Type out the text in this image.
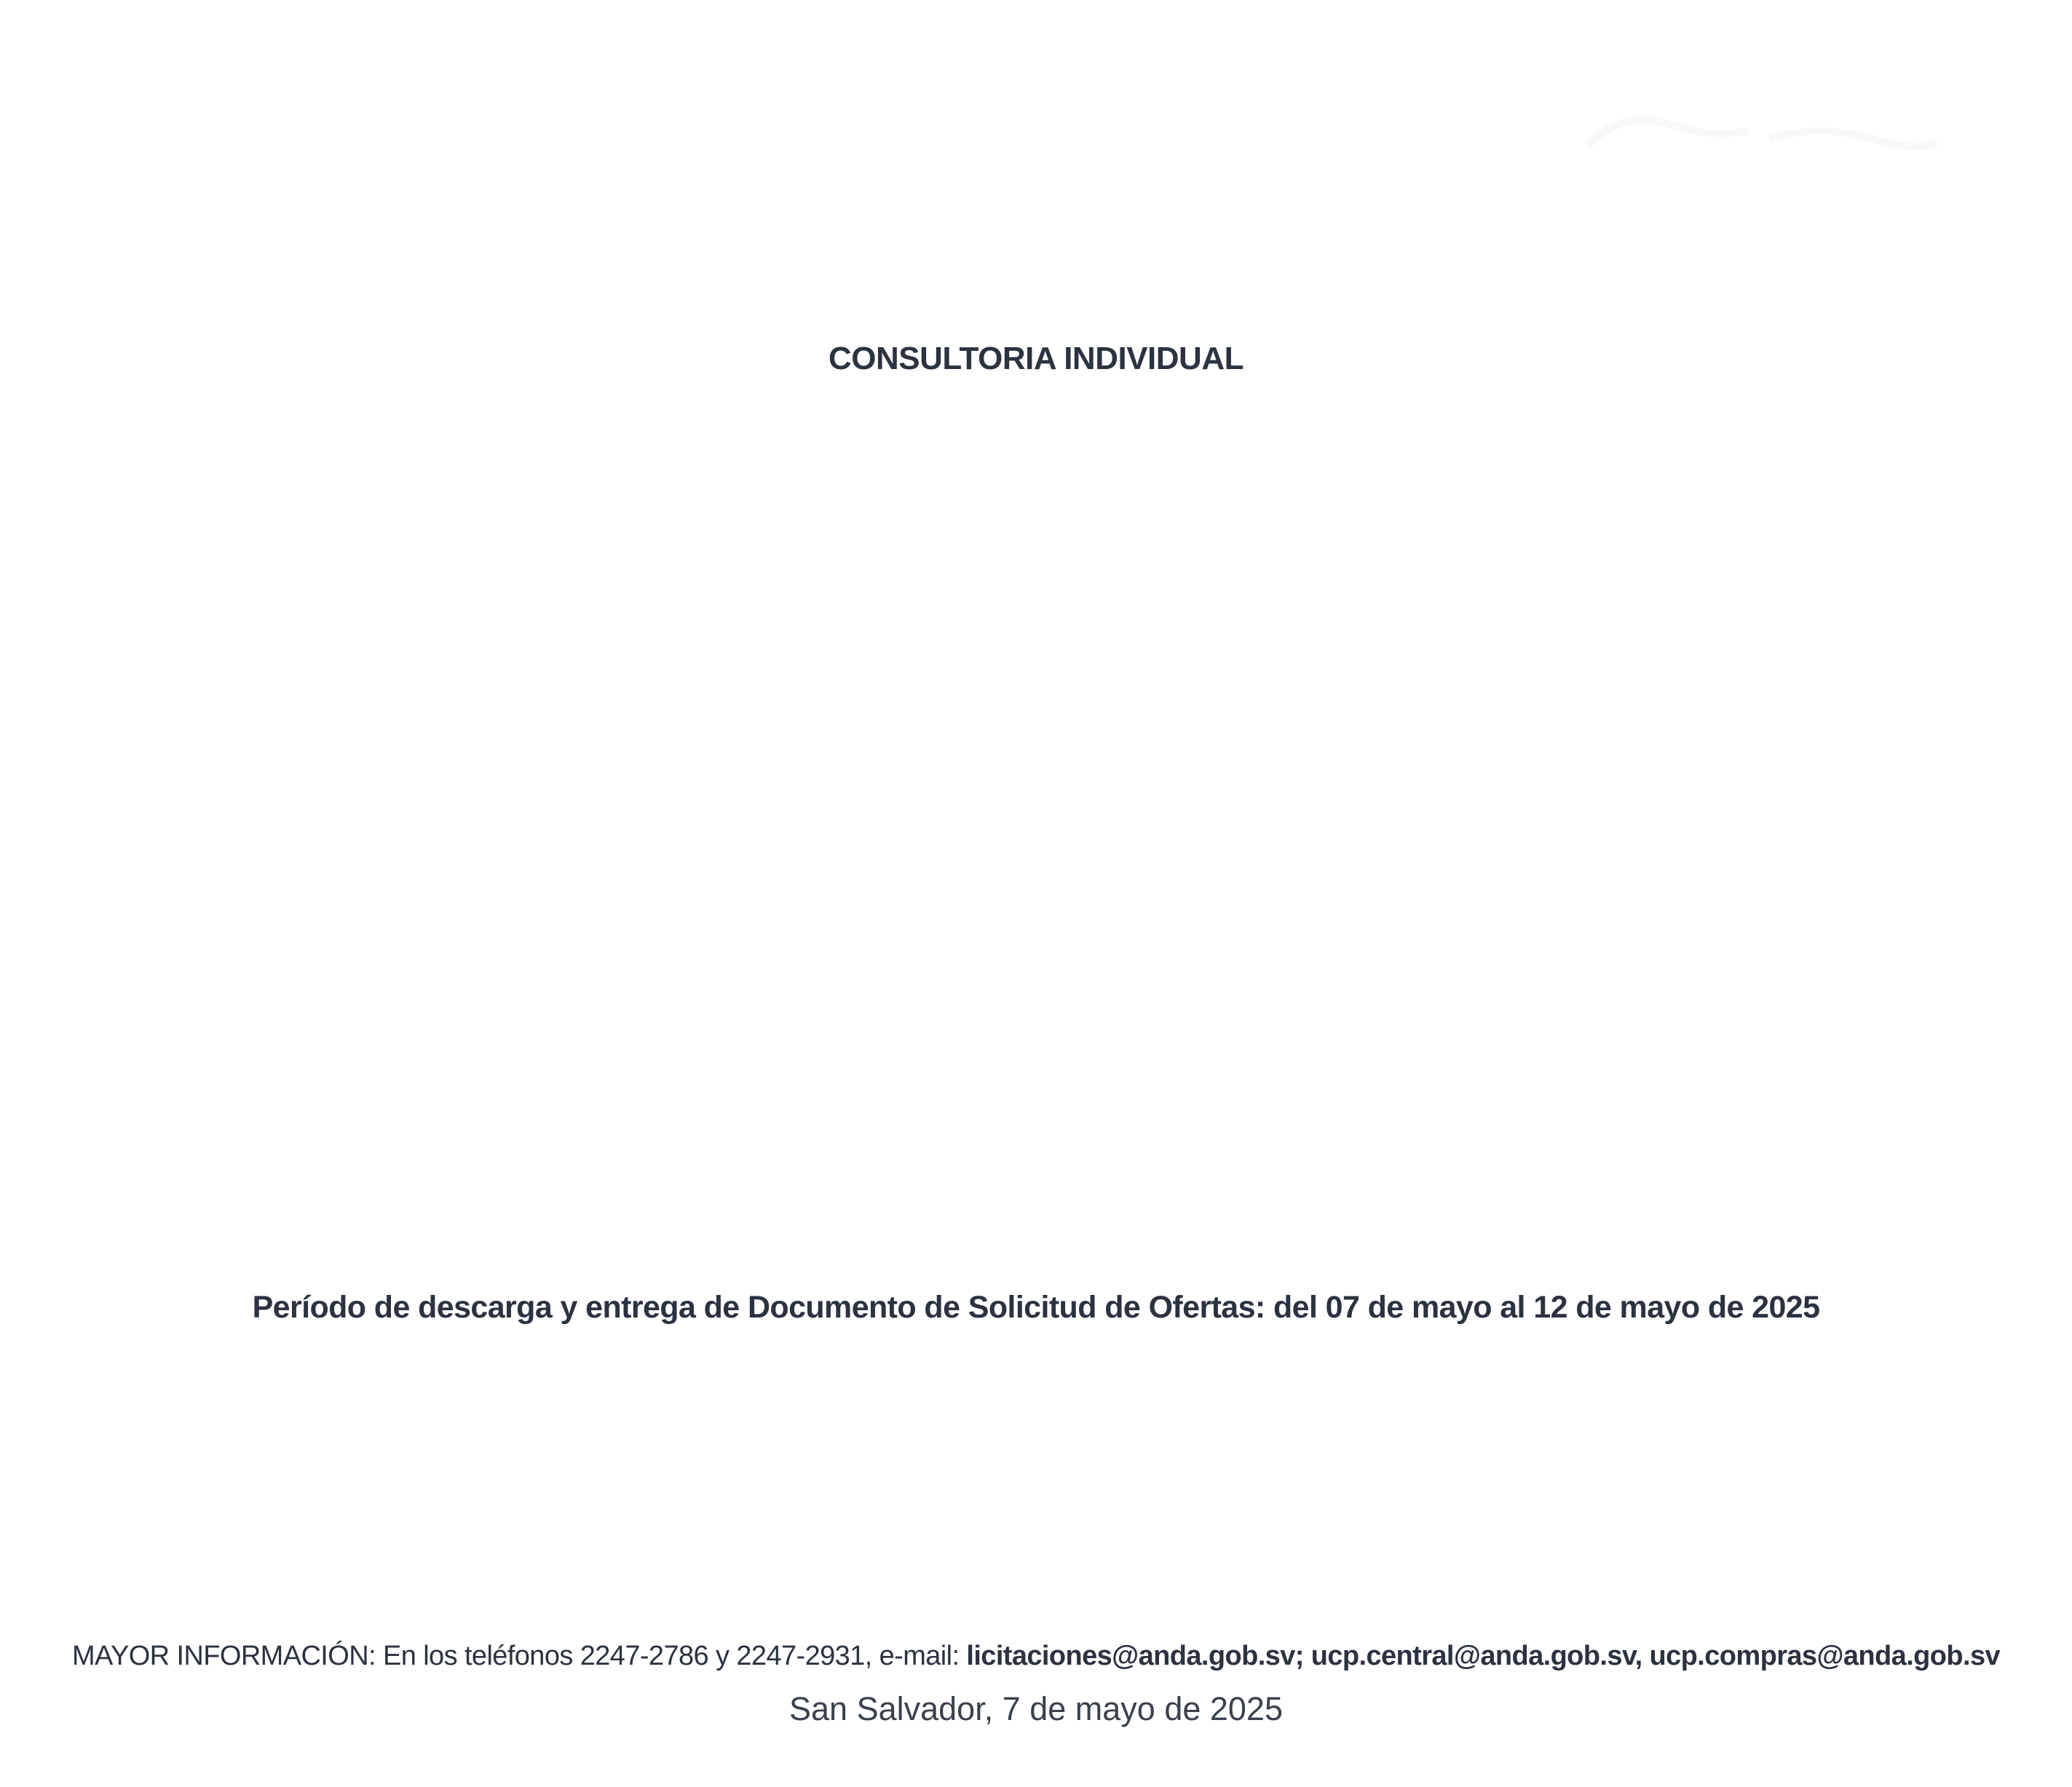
CONSULTORIA INDIVIDUAL
Período de descarga y entrega de Documento de Solicitud de Ofertas: del 07 de mayo al 12 de mayo de 2025
MAYOR INFORMACIÓN: En los teléfonos 2247-2786 y 2247-2931, e-mail: licitaciones@anda.gob.sv; ucp.central@anda.gob.sv, ucp.compras@anda.gob.sv
San Salvador, 7 de mayo de 2025
